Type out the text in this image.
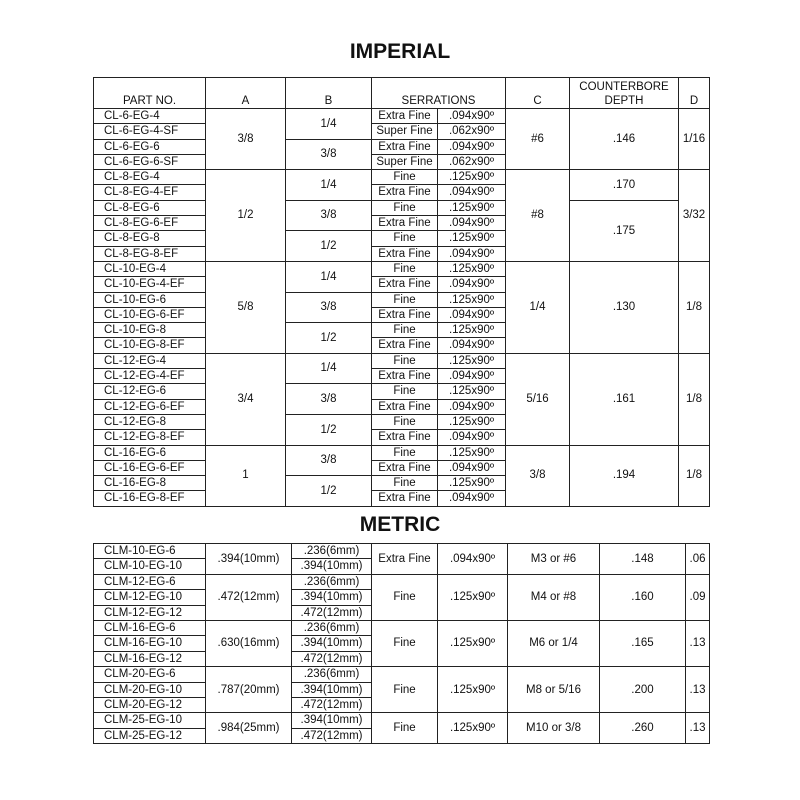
IMPERIAL
PART NO.	A	B	SERRATIONS		C	COUNTERBORE
DEPTH	D
CL-6-EG-4	3/8	1/4	Extra Fine	.094x90º	#6	.146	1/16
CL-6-EG-4-SF			Super Fine	.062x90º			
CL-6-EG-6		3/8	Extra Fine	.094x90º			
CL-6-EG-6-SF			Super Fine	.062x90º			
CL-8-EG-4	1/2	1/4	Fine	.125x90º	#8	.170	3/32
CL-8-EG-4-EF			Extra Fine	.094x90º			
CL-8-EG-6		3/8	Fine	.125x90º		.175	
CL-8-EG-6-EF			Extra Fine	.094x90º			
CL-8-EG-8		1/2	Fine	.125x90º			
CL-8-EG-8-EF			Extra Fine	.094x90º			
CL-10-EG-4	5/8	1/4	Fine	.125x90º	1/4	.130	1/8
CL-10-EG-4-EF			Extra Fine	.094x90º			
CL-10-EG-6		3/8	Fine	.125x90º			
CL-10-EG-6-EF			Extra Fine	.094x90º			
CL-10-EG-8		1/2	Fine	.125x90º			
CL-10-EG-8-EF			Extra Fine	.094x90º			
CL-12-EG-4	3/4	1/4	Fine	.125x90º	5/16	.161	1/8
CL-12-EG-4-EF			Extra Fine	.094x90º			
CL-12-EG-6		3/8	Fine	.125x90º			
CL-12-EG-6-EF			Extra Fine	.094x90º			
CL-12-EG-8		1/2	Fine	.125x90º			
CL-12-EG-8-EF			Extra Fine	.094x90º			
CL-16-EG-6	1	3/8	Fine	.125x90º	3/8	.194	1/8
CL-16-EG-6-EF			Extra Fine	.094x90º			
CL-16-EG-8		1/2	Fine	.125x90º			
CL-16-EG-8-EF			Extra Fine	.094x90º			
METRIC
CLM-10-EG-6	.394(10mm)	.236(6mm)	Extra Fine	.094x90º	M3 or #6	.148	.06
CLM-10-EG-10		.394(10mm)					
CLM-12-EG-6	.472(12mm)	.236(6mm)	Fine	.125x90º	M4 or #8	.160	.09
CLM-12-EG-10		.394(10mm)					
CLM-12-EG-12		.472(12mm)					
CLM-16-EG-6	.630(16mm)	.236(6mm)	Fine	.125x90º	M6 or 1/4	.165	.13
CLM-16-EG-10		.394(10mm)					
CLM-16-EG-12		.472(12mm)					
CLM-20-EG-6	.787(20mm)	.236(6mm)	Fine	.125x90º	M8 or 5/16	.200	.13
CLM-20-EG-10		.394(10mm)					
CLM-20-EG-12		.472(12mm)					
CLM-25-EG-10	.984(25mm)	.394(10mm)	Fine	.125x90º	M10 or 3/8	.260	.13
CLM-25-EG-12		.472(12mm)					
